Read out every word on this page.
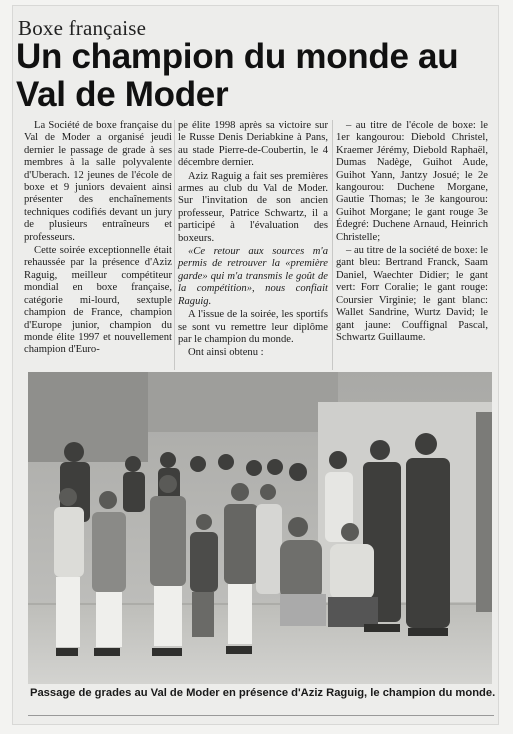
Boxe française
Un champion du monde au Val de Moder

La Société de boxe française du Val de Moder a organisé jeudi dernier le passage de grade à ses membres à la salle polyvalente d'Uberach. 12 jeunes de l'école de boxe et 9 juniors devaient ainsi présenter des enchaînements techniques codifiés devant un jury de plusieurs entraîneurs et professeurs.

Cette soirée exceptionnelle était rehaussée par la présence d'Aziz Raguig, meilleur compétiteur mondial en boxe française, catégorie mi-lourd, sextuple champion de France, champion d'Europe junior, champion du monde élite 1997 et nouvellement champion d'Euro-

pe élite 1998 après sa victoire sur le Russe Denis Deriabkine à Pans, au stade Pierre-de-Coubertin, le 4 décembre dernier.

Aziz Raguig a fait ses premières armes au club du Val de Moder. Sur l'invitation de son ancien professeur, Patrice Schwartz, il a participé à l'évaluation des boxeurs.

«Ce retour aux sources m'a permis de retrouver la «première garde» qui m'a transmis le goût de la compétition», nous confiait Raguig.

A l'issue de la soirée, les sportifs se sont vu remettre leur diplôme par le champion du monde.

Ont ainsi obtenu :

– au titre de l'école de boxe: le 1er kangourou: Diebold Christel, Kraemer Jérémy, Diebold Raphaël, Dumas Nadège, Guihot Aude, Guihot Yann, Jantzy Josué; le 2e kangourou: Duchene Morgane, Gautie Thomas; le 3e kangourou: Guihot Morgane; le gant rouge 3e Édegré: Duchene Arnaud, Heinrich Christelle;

– au titre de la société de boxe: le gant bleu: Bertrand Franck, Saam Daniel, Waechter Didier; le gant vert: Forr Coralie; le gant rouge: Coursier Virginie; le gant blanc: Wallet Sandrine, Wurtz David; le gant jaune: Couffignal Pascal, Schwartz Guillaume.

Passage de grades au Val de Moder en présence d'Aziz Raguig, le champion du monde.
